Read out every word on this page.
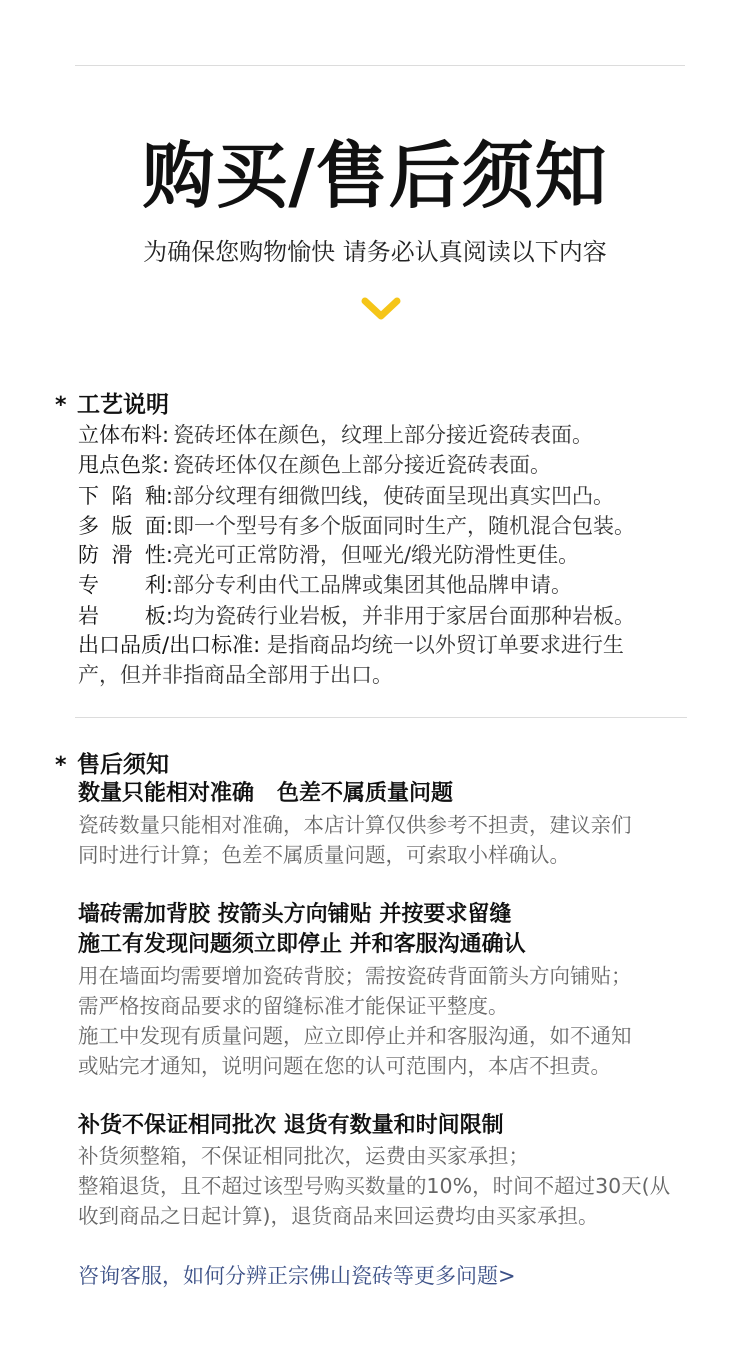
购买/售后须知
为确保您购物愉快 请务必认真阅读以下内容
* 工艺说明
立体布料: 瓷砖坯体在颜色，纹理上部分接近瓷砖表面。
甩点色浆: 瓷砖坯体仅在颜色上部分接近瓷砖表面。
下 陷 釉: 部分纹理有细微凹线，使砖面呈现出真实凹凸。
多 版 面: 即一个型号有多个版面同时生产，随机混合包装。
防 滑 性: 亮光可正常防滑，但哑光/缎光防滑性更佳。
专 利: 部分专利由代工品牌或集团其他品牌申请。
岩 板: 均为瓷砖行业岩板，并非用于家居台面那种岩板。
出口品质/出口标准: 是指商品均统一以外贸订单要求进行生
产，但并非指商品全部用于出口。
* 售后须知
数量只能相对准确   色差不属质量问题
瓷砖数量只能相对准确，本店计算仅供参考不担责，建议亲们
同时进行计算；色差不属质量问题，可索取小样确认。
墙砖需加背胶 按箭头方向铺贴 并按要求留缝
施工有发现问题须立即停止 并和客服沟通确认
用在墙面均需要增加瓷砖背胶；需按瓷砖背面箭头方向铺贴；
需严格按商品要求的留缝标准才能保证平整度。
施工中发现有质量问题，应立即停止并和客服沟通，如不通知
或贴完才通知，说明问题在您的认可范围内，本店不担责。
补货不保证相同批次 退货有数量和时间限制
补货须整箱，不保证相同批次，运费由买家承担；
整箱退货，且不超过该型号购买数量的10%，时间不超过30天(从
收到商品之日起计算)，退货商品来回运费均由买家承担。
咨询客服，如何分辨正宗佛山瓷砖等更多问题>
